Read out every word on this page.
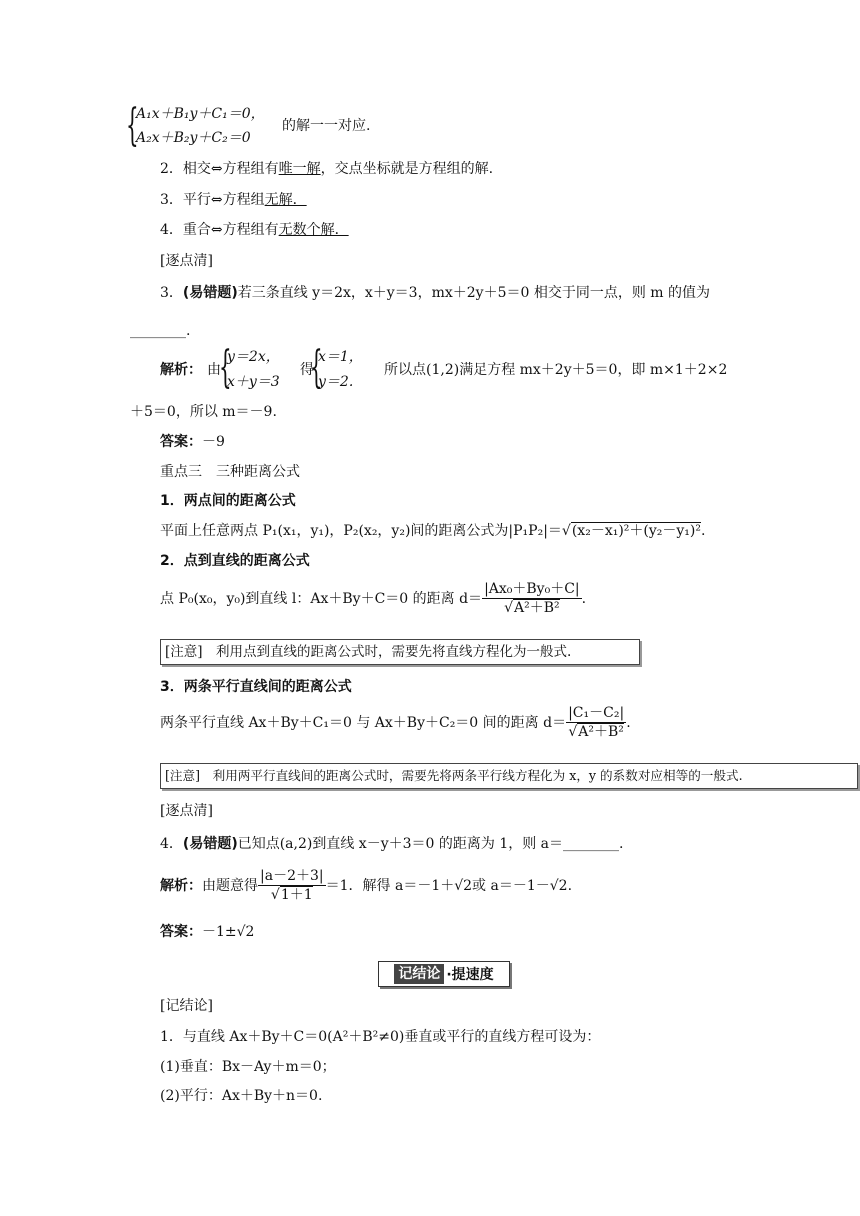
{
A₁x＋B₁y＋C₁＝0，
A₂x＋B₂y＋C₂＝0
的解一一对应.
2．相交⇔方程组有唯一解，交点坐标就是方程组的解.
3．平行⇔方程组无解．
4．重合⇔方程组有无数个解．
[逐点清]
3．(易错题)若三条直线 y＝2x，x＋y＝3，mx＋2y＋5＝0 相交于同一点，则 m 的值为
________.
解析： 由
{
y＝2x，
x＋y＝3
得
{
x＝1，
y＝2.
所以点(1,2)满足方程 mx＋2y＋5＝0，即 m×1＋2×2
＋5＝0，所以 m＝－9.
答案：－9
重点三　三种距离公式
1．两点间的距离公式
平面上任意两点 P₁(x₁，y₁)，P₂(x₂，y₂)间的距离公式为|P₁P₂|＝√(x₂－x₁)²＋(y₂－y₁)².
2．点到直线的距离公式
点 P₀(x₀，y₀)到直线 l：Ax＋By＋C＝0 的距离 $d= \frac{\text{|Ax₀＋By₀＋C|}}{\text{√A²＋B²}}$ .
[注意]　利用点到直线的距离公式时，需要先将直线方程化为一般式.
3．两条平行直线间的距离公式
两条平行直线 Ax＋By＋C₁＝0 与 Ax＋By＋C₂＝0 间的距离 $d= \frac{\text{|C₁－C₂|}}{\text{√A²＋B²}}$ .
[注意]　利用两平行直线间的距离公式时，需要先将两条平行线方程化为 x，y 的系数对应相等的一般式.
[逐点清]
4．(易错题)已知点(a,2)到直线 x－y＋3＝0 的距离为 1，则 a＝________.
解析：由题意得 $\frac{|a-2+3|}{√1+1} =1$．解得 a＝－1＋√2或 a＝－1－√2.
答案：－1±√2
记结论 ·提速度
[记结论]
1．与直线 Ax＋By＋C＝0(A²＋B²≠0)垂直或平行的直线方程可设为：
(1)垂直：Bx－Ay＋m＝0；
(2)平行：Ax＋By＋n＝0.
